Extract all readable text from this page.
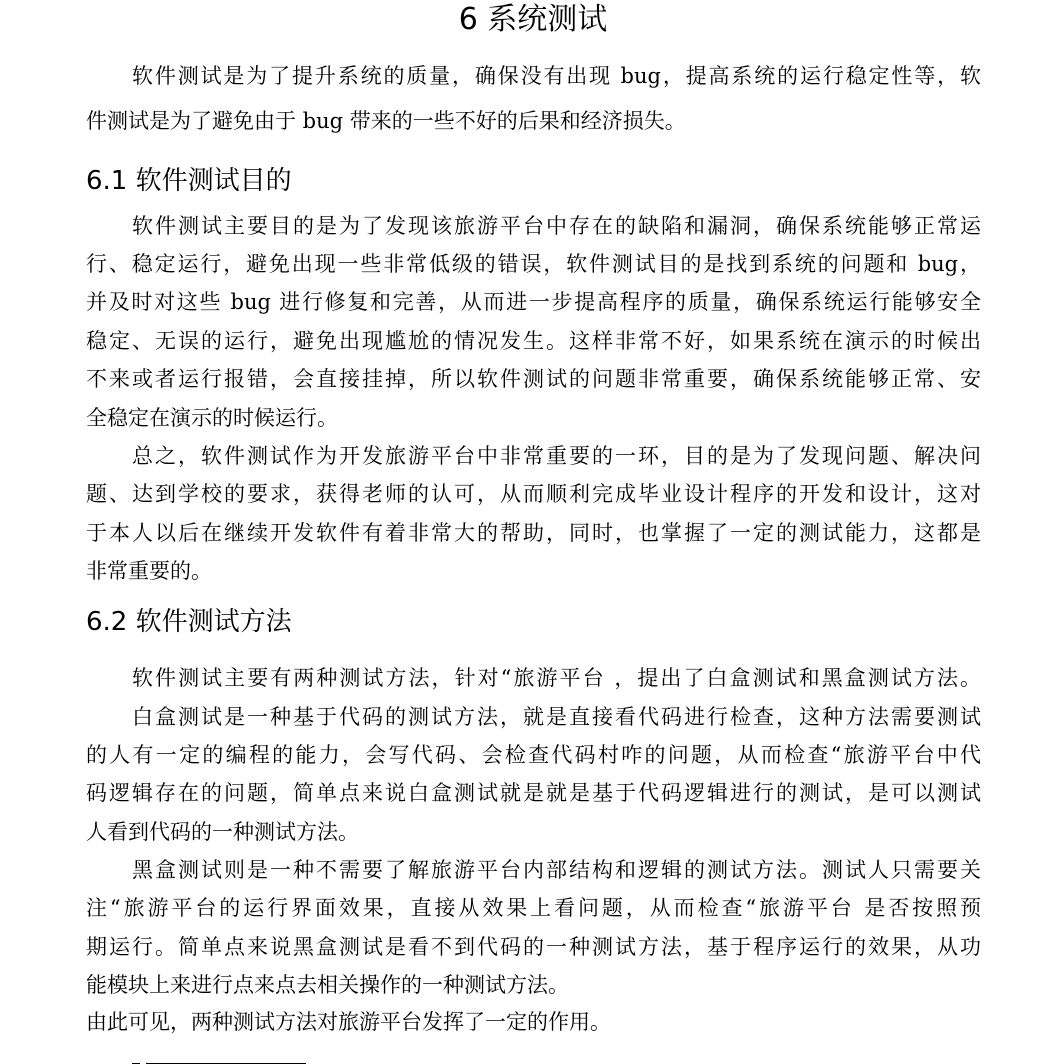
6 系统测试
软件测试是为了提升系统的质量，确保没有出现 bug，提高系统的运行稳定性等，软
件测试是为了避免由于 bug 带来的一些不好的后果和经济损失。
6.1 软件测试目的
软件测试主要目的是为了发现该旅游平台中存在的缺陷和漏洞，确保系统能够正常运
行、稳定运行，避免出现一些非常低级的错误，软件测试目的是找到系统的问题和 bug，
并及时对这些 bug 进行修复和完善，从而进一步提高程序的质量，确保系统运行能够安全
稳定、无误的运行，避免出现尴尬的情况发生。这样非常不好，如果系统在演示的时候出
不来或者运行报错，会直接挂掉，所以软件测试的问题非常重要，确保系统能够正常、安
全稳定在演示的时候运行。
总之，软件测试作为开发旅游平台中非常重要的一环，目的是为了发现问题、解决问
题、达到学校的要求，获得老师的认可，从而顺利完成毕业设计程序的开发和设计，这对
于本人以后在继续开发软件有着非常大的帮助，同时，也掌握了一定的测试能力，这都是
非常重要的。
6.2 软件测试方法
软件测试主要有两种测试方法，针对“旅游平台 ，提出了白盒测试和黑盒测试方法。
白盒测试是一种基于代码的测试方法，就是直接看代码进行检查，这种方法需要测试
的人有一定的编程的能力，会写代码、会检查代码村咋的问题，从而检查“旅游平台中代
码逻辑存在的问题，简单点来说白盒测试就是就是基于代码逻辑进行的测试，是可以测试
人看到代码的一种测试方法。
黑盒测试则是一种不需要了解旅游平台内部结构和逻辑的测试方法。测试人只需要关
注“旅游平台的运行界面效果，直接从效果上看问题，从而检查“旅游平台 是否按照预
期运行。简单点来说黑盒测试是看不到代码的一种测试方法，基于程序运行的效果，从功
能模块上来进行点来点去相关操作的一种测试方法。
由此可见，两种测试方法对旅游平台发挥了一定的作用。
